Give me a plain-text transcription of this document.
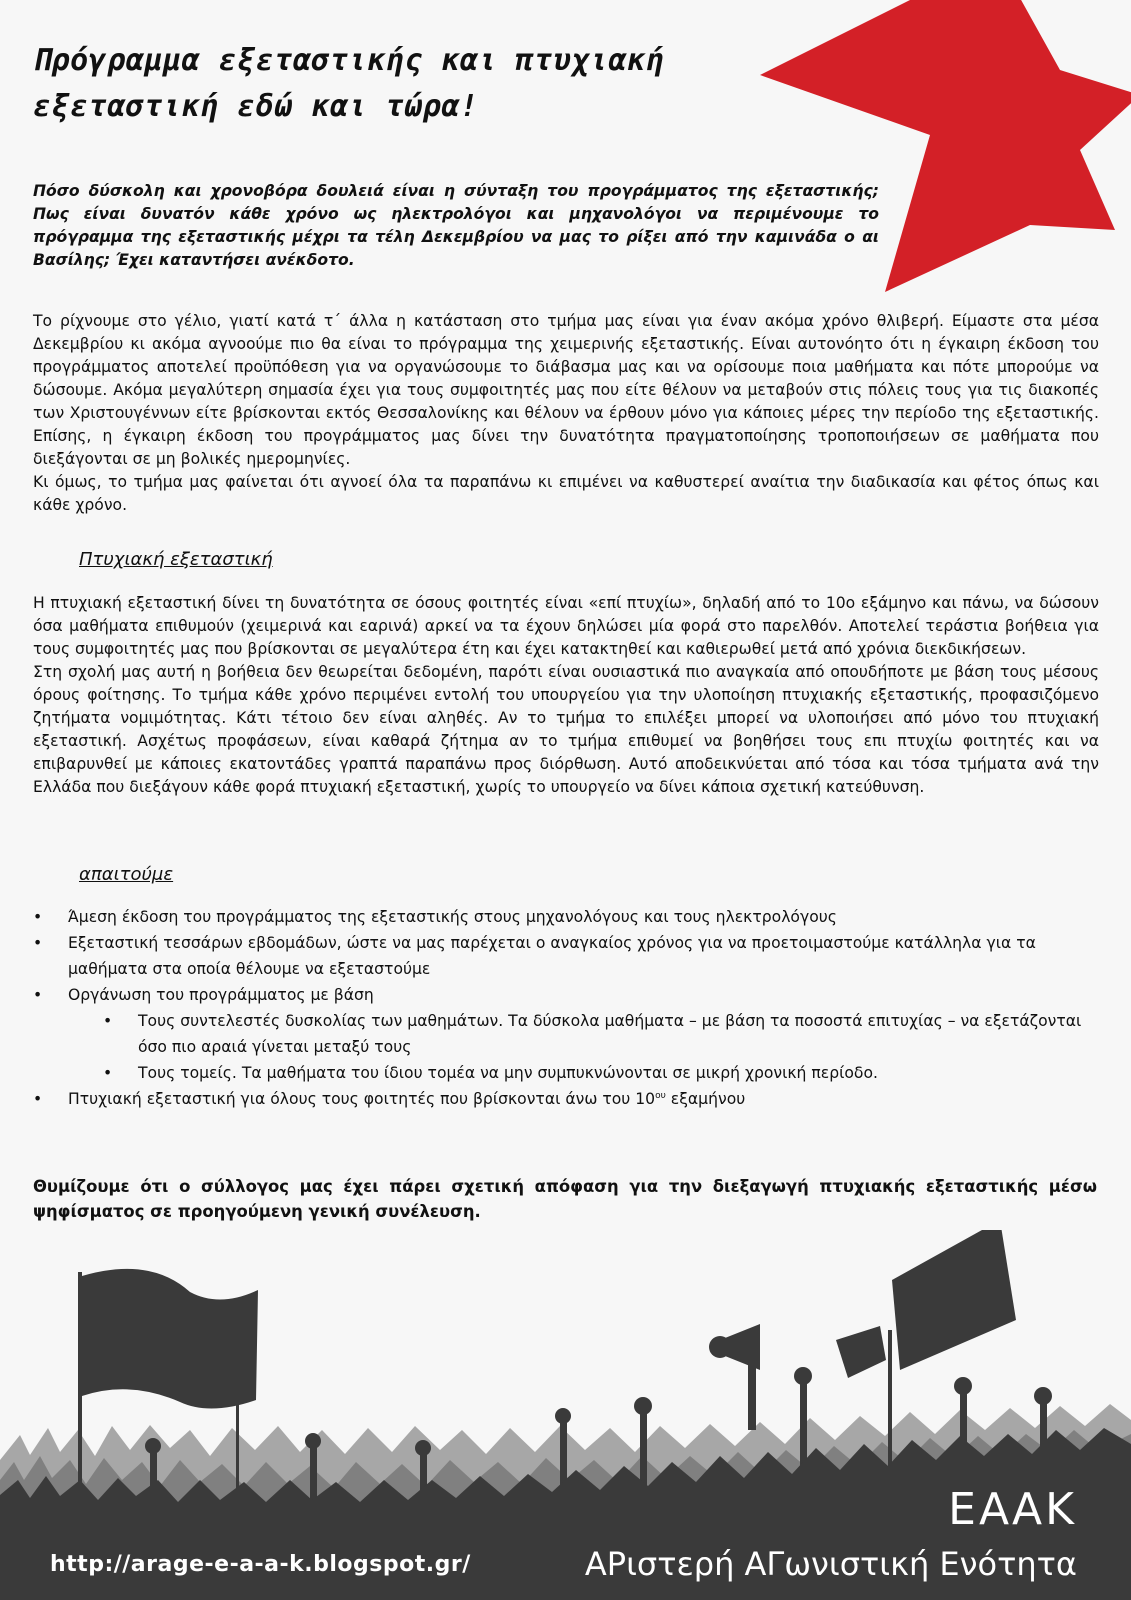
Πρόγραμμα εξεταστικής και πτυχιακή
εξεταστική εδώ και τώρα!

Πόσο δύσκολη και χρονοβόρα δουλειά είναι η σύνταξη του προγράμματος της εξεταστικής; Πως είναι δυνατόν κάθε χρόνο ως ηλεκτρολόγοι και μηχανολόγοι να περιμένουμε το πρόγραμμα της εξεταστικής μέχρι τα τέλη Δεκεμβρίου να μας το ρίξει από την καμινάδα ο αι Βασίλης; Έχει καταντήσει ανέκδοτο.

Το ρίχνουμε στο γέλιο, γιατί κατά τ΄ άλλα η κατάσταση στο τμήμα μας είναι για έναν ακόμα χρόνο θλιβερή. Είμαστε στα μέσα Δεκεμβρίου κι ακόμα αγνοούμε πιο θα είναι το πρόγραμμα της χειμερινής εξεταστικής. Είναι αυτονόητο ότι η έγκαιρη έκδοση του προγράμματος αποτελεί προϋπόθεση για να οργανώσουμε το διάβασμα μας και να ορίσουμε ποια μαθήματα και πότε μπορούμε να δώσουμε. Ακόμα μεγαλύτερη σημασία έχει για τους συμφοιτητές μας που είτε θέλουν να μεταβούν στις πόλεις τους για τις διακοπές των Χριστουγέννων είτε βρίσκονται εκτός Θεσσαλονίκης και θέλουν να έρθουν μόνο για κάποιες μέρες την περίοδο της εξεταστικής. Επίσης, η έγκαιρη έκδοση του προγράμματος μας δίνει την δυνατότητα πραγματοποίησης τροποποιήσεων σε μαθήματα που διεξάγονται σε μη βολικές ημερομηνίες.

Κι όμως, το τμήμα μας φαίνεται ότι αγνοεί όλα τα παραπάνω κι επιμένει να καθυστερεί αναίτια την διαδικασία και φέτος όπως και κάθε χρόνο.

Πτυχιακή εξεταστική

Η πτυχιακή εξεταστική δίνει τη δυνατότητα σε όσους φοιτητές είναι «επί πτυχίω», δηλαδή από το 10ο εξάμηνο και πάνω, να δώσουν όσα μαθήματα επιθυμούν (χειμερινά και εαρινά) αρκεί να τα έχουν δηλώσει μία φορά στο παρελθόν. Αποτελεί τεράστια βοήθεια για τους συμφοιτητές μας που βρίσκονται σε μεγαλύτερα έτη και έχει κατακτηθεί και καθιερωθεί μετά από χρόνια διεκδικήσεων.

Στη σχολή μας αυτή η βοήθεια δεν θεωρείται δεδομένη, παρότι είναι ουσιαστικά πιο αναγκαία από οπουδήποτε με βάση τους μέσους όρους φοίτησης. Το τμήμα κάθε χρόνο περιμένει εντολή του υπουργείου για την υλοποίηση πτυχιακής εξεταστικής, προφασιζόμενο ζητήματα νομιμότητας. Κάτι τέτοιο δεν είναι αληθές. Αν το τμήμα το επιλέξει μπορεί να υλοποιήσει από μόνο του πτυχιακή εξεταστική. Ασχέτως προφάσεων, είναι καθαρά ζήτημα αν το τμήμα επιθυμεί να βοηθήσει τους επι πτυχίω φοιτητές και να επιβαρυνθεί με κάποιες εκατοντάδες γραπτά παραπάνω προς διόρθωση. Αυτό αποδεικνύεται από τόσα και τόσα τμήματα ανά την Ελλάδα που διεξάγουν κάθε φορά πτυχιακή εξεταστική, χωρίς το υπουργείο να δίνει κάποια σχετική κατεύθυνση.

απαιτούμε
• Άμεση έκδοση του προγράμματος της εξεταστικής στους μηχανολόγους και τους ηλεκτρολόγους
• Εξεταστική τεσσάρων εβδομάδων, ώστε να μας παρέχεται ο αναγκαίος χρόνος για να προετοιμαστούμε κατάλληλα για τα μαθήματα στα οποία θέλουμε να εξεταστούμε
• Οργάνωση του προγράμματος με βάση
• Τους συντελεστές δυσκολίας των μαθημάτων. Τα δύσκολα μαθήματα – με βάση τα ποσοστά επιτυχίας – να εξετάζονται όσο πιο αραιά γίνεται μεταξύ τους
• Τους τομείς. Τα μαθήματα του ίδιου τομέα να μην συμπυκνώνονται σε μικρή χρονική περίοδο.
• Πτυχιακή εξεταστική για όλους τους φοιτητές που βρίσκονται άνω του $10^{o\upsilon}$ εξαμήνου

Θυμίζουμε ότι ο σύλλογος μας έχει πάρει σχετική απόφαση για την διεξαγωγή πτυχιακής εξεταστικής μέσω ψηφίσματος σε προηγούμενη γενική συνέλευση.

http://arage-e-a-a-k.blogspot.gr/

ΕΑΑΚ

ΑΡιστερή ΑΓωνιστική Ενότητα
